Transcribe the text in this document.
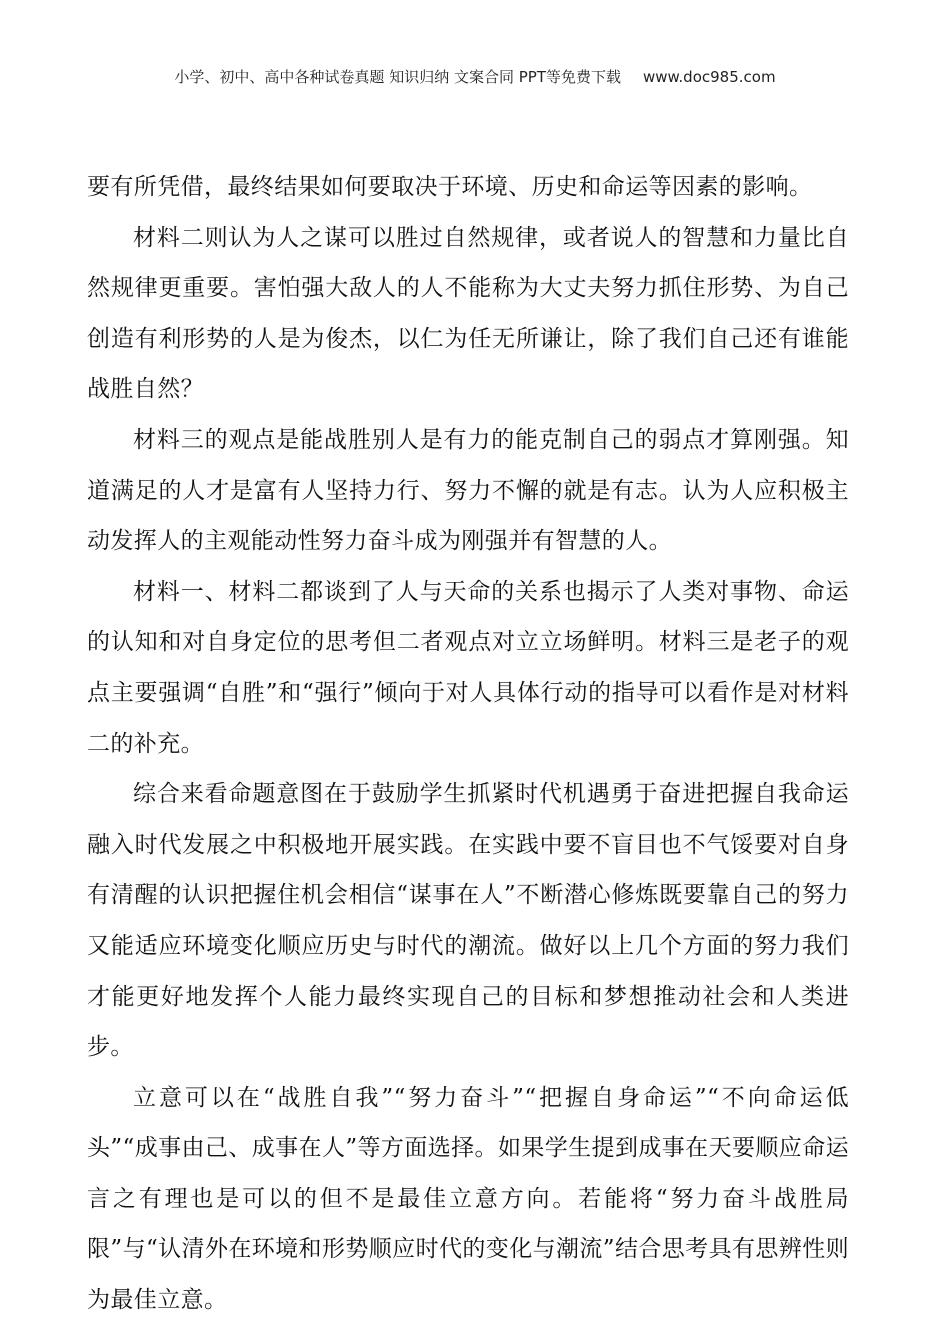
小学、初中、高中各种试卷真题 知识归纳 文案合同 PPT等免费下载 www.doc985.com

要有所凭借，最终结果如何要取决于环境、历史和命运等因素的影响。

材料二则认为人之谋可以胜过自然规律，或者说人的智慧和力量比自然规律更重要。害怕强大敌人的人不能称为大丈夫努力抓住形势、为自己创造有利形势的人是为俊杰，以仁为任无所谦让，除了我们自己还有谁能战胜自然？

材料三的观点是能战胜别人是有力的能克制自己的弱点才算刚强。知道满足的人才是富有人坚持力行、努力不懈的就是有志。认为人应积极主动发挥人的主观能动性努力奋斗成为刚强并有智慧的人。

材料一、材料二都谈到了人与天命的关系也揭示了人类对事物、命运的认知和对自身定位的思考但二者观点对立立场鲜明。材料三是老子的观点主要强调“自胜”和“强行”倾向于对人具体行动的指导可以看作是对材料二的补充。

综合来看命题意图在于鼓励学生抓紧时代机遇勇于奋进把握自我命运融入时代发展之中积极地开展实践。在实践中要不盲目也不气馁要对自身有清醒的认识把握住机会相信“谋事在人”不断潜心修炼既要靠自己的努力又能适应环境变化顺应历史与时代的潮流。做好以上几个方面的努力我们才能更好地发挥个人能力最终实现自己的目标和梦想推动社会和人类进步。

立意可以在“战胜自我”“努力奋斗”“把握自身命运”“不向命运低头”“成事由己、成事在人”等方面选择。如果学生提到成事在天要顺应命运言之有理也是可以的但不是最佳立意方向。若能将“努力奋斗战胜局限”与“认清外在环境和形势顺应时代的变化与潮流”结合思考具有思辨性则为最佳立意。
